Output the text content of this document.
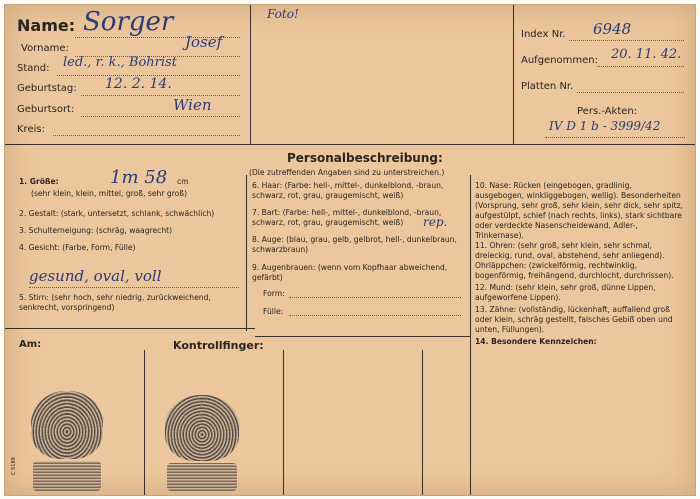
Name: Sorger
Vorname:	Josef
Stand: led., r. k., Bohrist
Geburtstag: 12. 2. 14.
Geburtsort:	Wien
Kreis:
Foto!
Index Nr. 6948
Aufgenommen: 20. 11. 42.
Platten Nr.
Pers.-Akten:
IV D 1 b - 3999/42
Personalbeschreibung:
(Die zutreffenden Angaben sind zu unterstreichen.)
1. Größe:	1m 58 cm
(sehr klein, klein, mittel, groß, sehr groß)
2. Gestalt: (stark, untersetzt, schlank, schwächlich)
3. Schulterneigung: (schräg, waagrecht)
4. Gesicht: (Farbe, Form, Fülle)
gesund, oval, voll
5. Stirn: (sehr hoch, sehr niedrig, zurückweichend, senkrecht, vorspringend)
6. Haar: (Farbe: hell-, mittel-, dunkelblond, -braun, schwarz, rot, grau, graugemischt, weiß)
7. Bart: (Farbe: hell-, mittel-, dunkelblond, -braun, schwarz, rot, grau, graugemischt, weiß)	rep.
8. Auge: (blau, grau, gelb, gelbrot, hell-, dunkelbraun, schwarzbraun)
9. Augenbrauen: (wenn vom Kopfhaar abweichend, gefärbt)
Form:
Fülle:
10. Nase: Rücken (eingebogen, gradlinig, ausgebogen, winkliggebogen, wellig). Besonderheiten (Vorsprung, sehr groß, sehr klein, sehr dick, sehr spitz, aufgestülpt, schief (nach rechts, links), stark sichtbare oder verdeckte Nasenscheidewand, Adler-, Trinkernase).
11. Ohren: (sehr groß, sehr klein, sehr schmal, dreieckig, rund, oval, abstehend, sehr anliegend). Ohrläppchen: (zwickelförmig, rechtwinklig, bogenförmig, freihängend, durchlocht, durchrissen).
12. Mund: (sehr klein, sehr groß, dünne Lippen, aufgeworfene Lippen).
13. Zähne: (vollständig, lückenhaft, auffallend groß oder klein, schräg gestellt, falsches Gebiß oben und unten, Füllungen).
14. Besondere Kennzeichen:
Am:	Kontrollfinger:
C 5189
